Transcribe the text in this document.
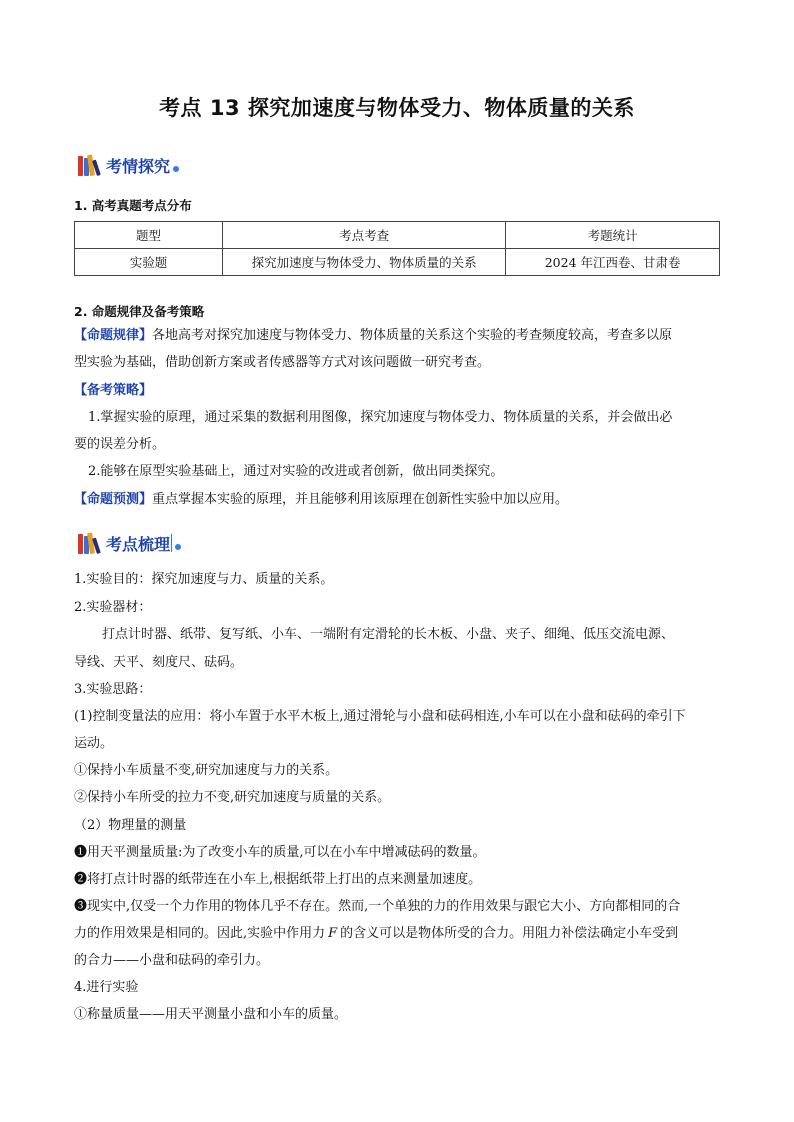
考点 13 探究加速度与物体受力、物体质量的关系
考情探究
1. 高考真题考点分布
题型	考点考查	考题统计
实验题	探究加速度与物体受力、物体质量的关系	2024 年江西卷、甘肃卷
2. 命题规律及备考策略
【命题规律】各地高考对探究加速度与物体受力、物体质量的关系这个实验的考查频度较高，考查多以原
型实验为基础，借助创新方案或者传感器等方式对该问题做一研究考查。
【备考策略】
1.掌握实验的原理，通过采集的数据利用图像，探究加速度与物体受力、物体质量的关系，并会做出必
要的误差分析。
2.能够在原型实验基础上，通过对实验的改进或者创新，做出同类探究。
【命题预测】重点掌握本实验的原理，并且能够利用该原理在创新性实验中加以应用。
考点梳理
1.实验目的：探究加速度与力、质量的关系。
2.实验器材：
打点计时器、纸带、复写纸、小车、一端附有定滑轮的长木板、小盘、夹子、细绳、低压交流电源、
导线、天平、刻度尺、砝码。
3.实验思路：
(1)控制变量法的应用：将小车置于水平木板上,通过滑轮与小盘和砝码相连,小车可以在小盘和砝码的牵引下
运动。
①保持小车质量不变,研究加速度与力的关系。
②保持小车所受的拉力不变,研究加速度与质量的关系。
（2）物理量的测量
❶用天平测量质量:为了改变小车的质量,可以在小车中增减砝码的数量。
❷将打点计时器的纸带连在小车上,根据纸带上打出的点来测量加速度。
❸现实中,仅受一个力作用的物体几乎不存在。然而,一个单独的力的作用效果与跟它大小、方向都相同的合
力的作用效果是相同的。因此,实验中作用力 F 的含义可以是物体所受的合力。用阻力补偿法确定小车受到
的合力——小盘和砝码的牵引力。
4.进行实验
①称量质量——用天平测量小盘和小车的质量。
